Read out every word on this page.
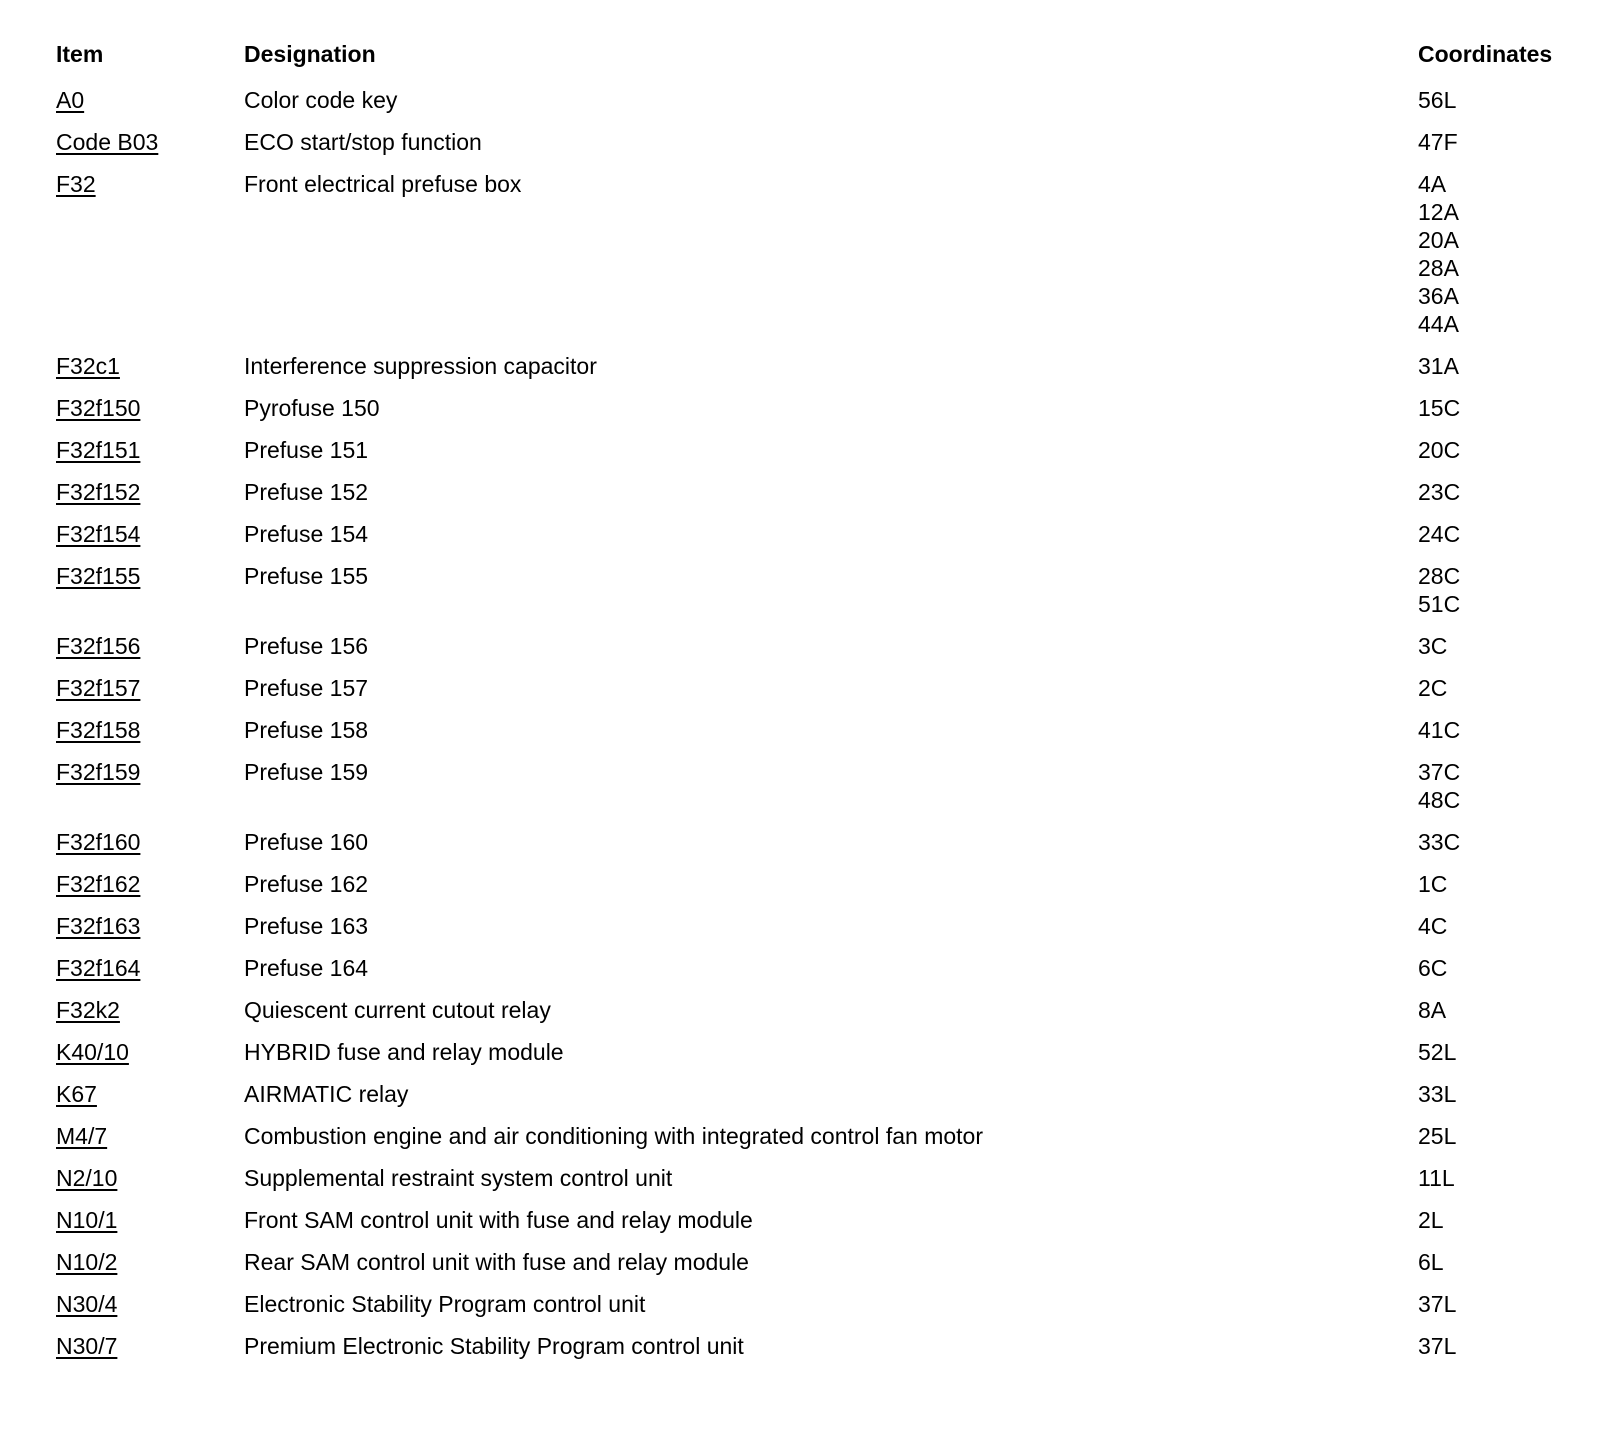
Item	Designation	Coordinates
A0	Color code key	56L
Code B03	ECO start/stop function	47F
F32	Front electrical prefuse box	4A
12A
20A
28A
36A
44A
F32c1	Interference suppression capacitor	31A
F32f150	Pyrofuse 150	15C
F32f151	Prefuse 151	20C
F32f152	Prefuse 152	23C
F32f154	Prefuse 154	24C
F32f155	Prefuse 155	28C
51C
F32f156	Prefuse 156	3C
F32f157	Prefuse 157	2C
F32f158	Prefuse 158	41C
F32f159	Prefuse 159	37C
48C
F32f160	Prefuse 160	33C
F32f162	Prefuse 162	1C
F32f163	Prefuse 163	4C
F32f164	Prefuse 164	6C
F32k2	Quiescent current cutout relay	8A
K40/10	HYBRID fuse and relay module	52L
K67	AIRMATIC relay	33L
M4/7	Combustion engine and air conditioning with integrated control fan motor	25L
N2/10	Supplemental restraint system control unit	11L
N10/1	Front SAM control unit with fuse and relay module	2L
N10/2	Rear SAM control unit with fuse and relay module	6L
N30/4	Electronic Stability Program control unit	37L
N30/7	Premium Electronic Stability Program control unit	37L
